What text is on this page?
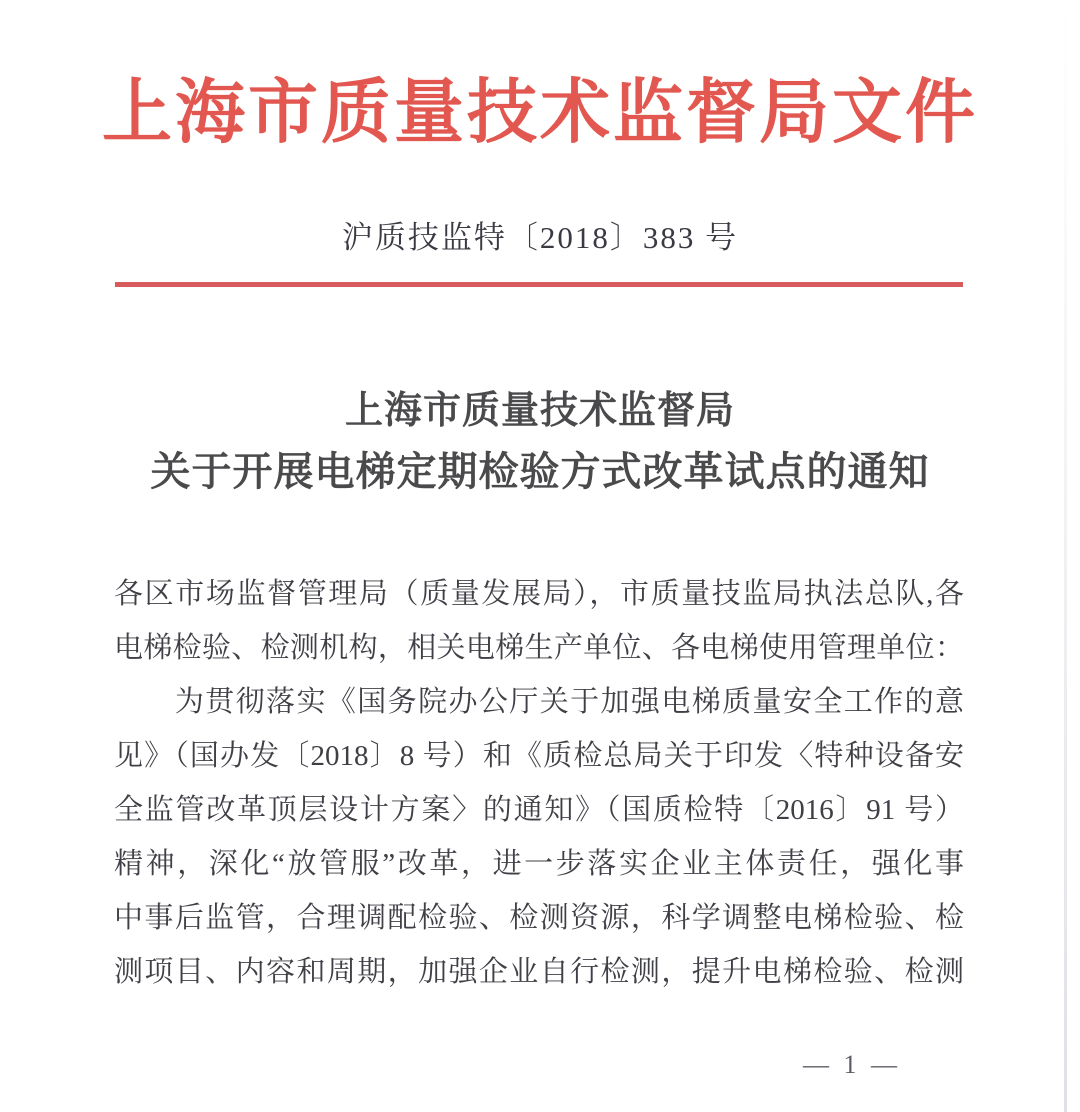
上海市质量技术监督局文件
沪质技监特〔2018〕383 号
上海市质量技术监督局
关于开展电梯定期检验方式改革试点的通知
各区市场监督管理局（质量发展局），市质量技监局执法总队,各
电梯检验、检测机构，相关电梯生产单位、各电梯使用管理单位：
　　为贯彻落实《国务院办公厅关于加强电梯质量安全工作的意
见》（国办发〔2018〕8 号）和《质检总局关于印发〈特种设备安
全监管改革顶层设计方案〉的通知》（国质检特〔2016〕91 号）
精神，深化“放管服”改革，进一步落实企业主体责任，强化事
中事后监管，合理调配检验、检测资源，科学调整电梯检验、检
测项目、内容和周期，加强企业自行检测，提升电梯检验、检测
— 1 —
